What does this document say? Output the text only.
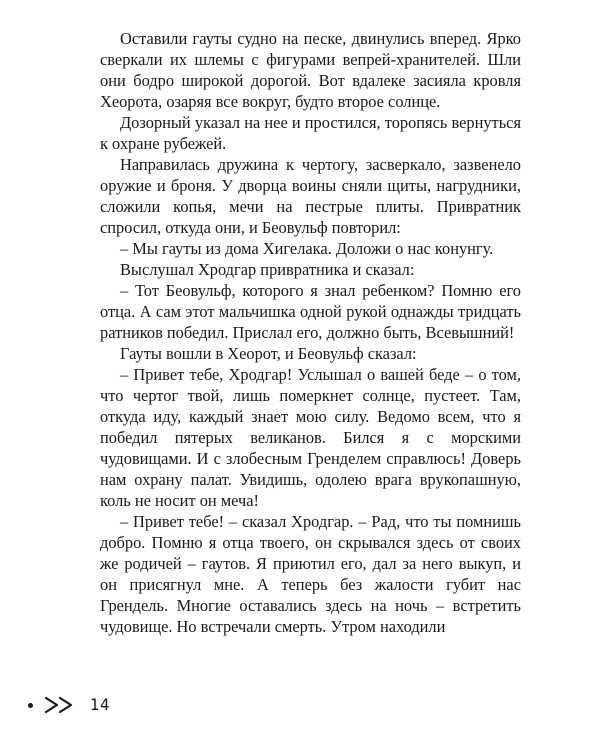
Оставили гауты судно на песке, двинулись вперед. Ярко сверкали их шлемы с фигурами вепрей-хранителей. Шли они бодро широкой дорогой. Вот вдалеке засияла кровля Хеорота, озаряя все вокруг, будто второе солнце.

Дозорный указал на нее и простился, торопясь вернуться к охране рубежей.

Направилась дружина к чертогу, засверкало, зазвенело оружие и броня. У дворца воины сняли щиты, нагрудники, сложили копья, мечи на пестрые плиты. Привратник спросил, откуда они, и Беовульф повторил:

– Мы гауты из дома Хигелака. Доложи о нас конунгу.

Выслушал Хродгар привратника и сказал:

– Тот Беовульф, которого я знал ребенком? Помню его отца. А сам этот мальчишка одной рукой однажды тридцать ратников победил. Прислал его, должно быть, Всевышний!

Гауты вошли в Хеорот, и Беовульф сказал:

– Привет тебе, Хродгар! Услышал о вашей беде – о том, что чертог твой, лишь померкнет солнце, пустеет. Там, откуда иду, каждый знает мою силу. Ведомо всем, что я победил пятерых великанов. Бился я с морскими чудовищами. И с злобесным Гренделем справлюсь! Доверь нам охрану палат. Увидишь, одолею врага врукопашную, коль не носит он меча!

– Привет тебе! – сказал Хродгар. – Рад, что ты помнишь добро. Помню я отца твоего, он скрывался здесь от своих же родичей – гаутов. Я приютил его, дал за него выкуп, и он присягнул мне. А теперь без жалости губит нас Грендель. Многие оставались здесь на ночь – встретить чудовище. Но встречали смерть. Утром находили

14
